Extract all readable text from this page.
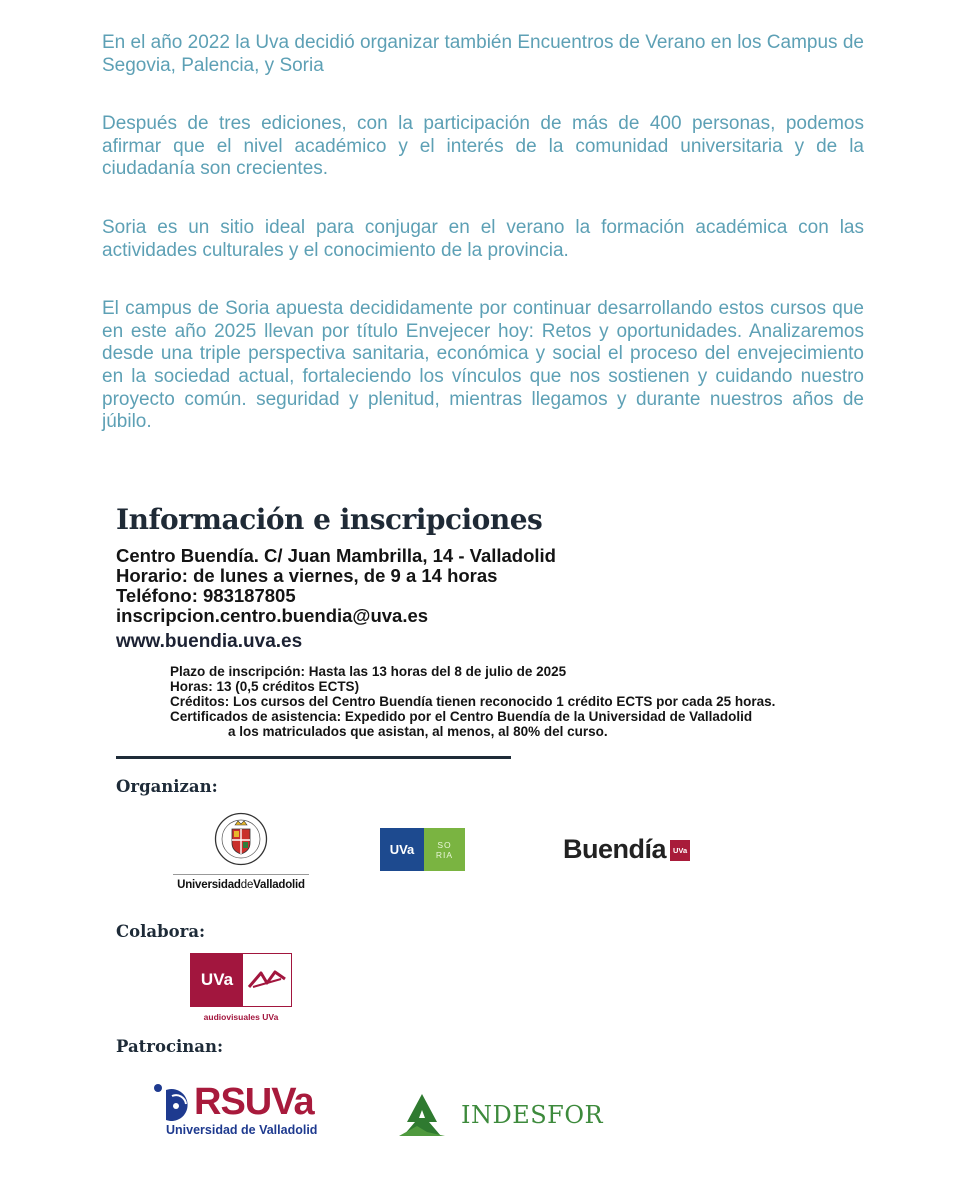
En el año 2022 la Uva decidió organizar también Encuentros de Verano en los Campus de Segovia, Palencia, y Soria

Después de tres ediciones, con la participación de más de 400 personas, podemos afirmar que el nivel académico y el interés de la comunidad universitaria y de la ciudadanía son crecientes.

Soria es un sitio ideal para conjugar en el verano la formación académica con las actividades culturales y el conocimiento de la provincia.

El campus de Soria apuesta decididamente por continuar desarrollando estos cursos que en este año 2025 llevan por título Envejecer hoy: Retos y oportunidades. Analizaremos desde una triple perspectiva sanitaria, económica y social el proceso del envejecimiento en la sociedad actual, fortaleciendo los vínculos que nos sostienen y cuidando nuestro proyecto común. seguridad y plenitud, mientras llegamos y durante nuestros años de júbilo.

Información e inscripciones
Centro Buendía. C/ Juan Mambrilla, 14 - Valladolid
Horario: de lunes a viernes, de 9 a 14 horas
Teléfono: 983187805
inscripcion.centro.buendia@uva.es
www.buendia.uva.es
Plazo de inscripción: Hasta las 13 horas del 8 de julio de 2025
Horas: 13 (0,5 créditos ECTS)
Créditos: Los cursos del Centro Buendía tienen reconocido 1 crédito ECTS por cada 25 horas.
Certificados de asistencia: Expedido por el Centro Buendía de la Universidad de Valladolid
a los matriculados que asistan, al menos, al 80% del curso.
Organizan:
UniversidaddeValladolid
UVa	SO
RIA	Buendía UVa
Colabora:
UVa
audiovisuales UVa
Patrocinan:
RSUVa
Universidad de Valladolid
INDESFOR
